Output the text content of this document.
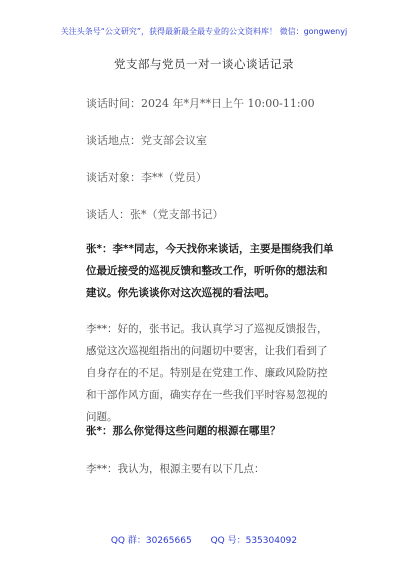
关注头条号“公文研究”，获得最新最全最专业的公文资料库！ 微信：gongwenyj
党支部与党员一对一谈心谈话记录
谈话时间：2024 年*月**日上午 10:00-11:00
谈话地点：党支部会议室
谈话对象：李**（党员）
谈话人：张*（党支部书记）
张*：李**同志，今天找你来谈话，主要是围绕我们单位最近接受的巡视反馈和整改工作，听听你的想法和建议。你先谈谈你对这次巡视的看法吧。
李**：好的，张书记。我认真学习了巡视反馈报告，感觉这次巡视组指出的问题切中要害，让我们看到了自身存在的不足。特别是在党建工作、廉政风险防控和干部作风方面，确实存在一些我们平时容易忽视的问题。
张*：那么你觉得这些问题的根源在哪里？
李**：我认为，根源主要有以下几点：
QQ 群：30265665 QQ 号：535304092
